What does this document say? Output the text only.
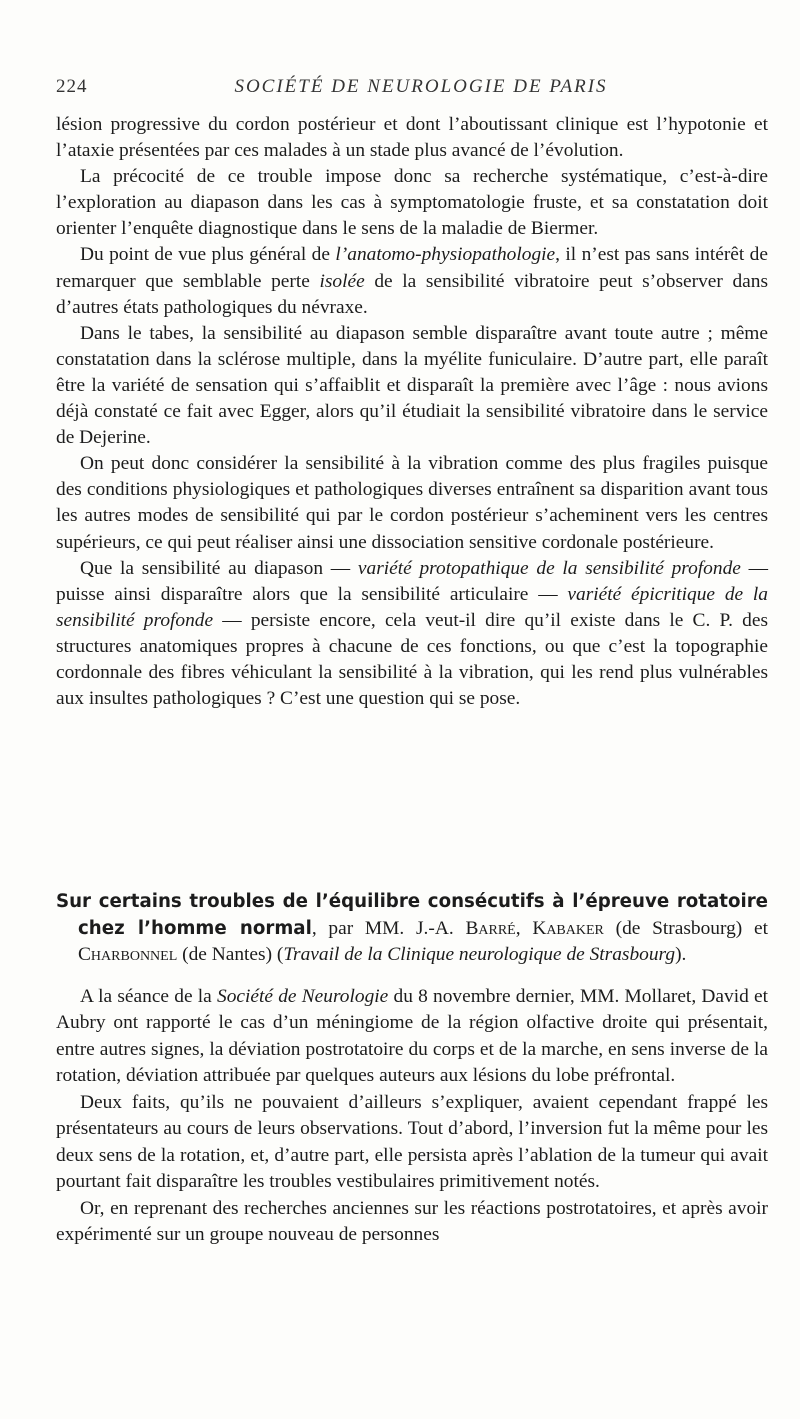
224	SOCIÉTÉ DE NEUROLOGIE DE PARIS

lésion progressive du cordon postérieur et dont l’aboutissant clinique est l’hypotonie et l’ataxie présentées par ces malades à un stade plus avancé de l’évolution.

La précocité de ce trouble impose donc sa recherche systématique, c’est-à-dire l’exploration au diapason dans les cas à symptomatologie fruste, et sa constatation doit orienter l’enquête diagnostique dans le sens de la maladie de Biermer.

Du point de vue plus général de l’anatomo-physiopathologie, il n’est pas sans intérêt de remarquer que semblable perte isolée de la sensibilité vibratoire peut s’observer dans d’autres états pathologiques du névraxe.

Dans le tabes, la sensibilité au diapason semble disparaître avant toute autre ; même constatation dans la sclérose multiple, dans la myélite funiculaire. D’autre part, elle paraît être la variété de sensation qui s’affaiblit et disparaît la première avec l’âge : nous avions déjà constaté ce fait avec Egger, alors qu’il étudiait la sensibilité vibratoire dans le service de Dejerine.

On peut donc considérer la sensibilité à la vibration comme des plus fragiles puisque des conditions physiologiques et pathologiques diverses entraînent sa disparition avant tous les autres modes de sensibilité qui par le cordon postérieur s’acheminent vers les centres supérieurs, ce qui peut réaliser ainsi une dissociation sensitive cordonale postérieure.

Que la sensibilité au diapason — variété protopathique de la sensibilité profonde — puisse ainsi disparaître alors que la sensibilité articulaire — variété épicritique de la sensibilité profonde — persiste encore, cela veut-il dire qu’il existe dans le C. P. des structures anatomiques propres à chacune de ces fonctions, ou que c’est la topographie cordonnale des fibres véhiculant la sensibilité à la vibration, qui les rend plus vulnérables aux insultes pathologiques ? C’est une question qui se pose.

Sur certains troubles de l’équilibre consécutifs à l’épreuve rotatoire chez l’homme normal, par MM. J.-A. Barré, Kabaker (de Strasbourg) et Charbonnel (de Nantes) (Travail de la Clinique neurologique de Strasbourg).

A la séance de la Société de Neurologie du 8 novembre dernier, MM. Mollaret, David et Aubry ont rapporté le cas d’un méningiome de la région olfactive droite qui présentait, entre autres signes, la déviation postrotatoire du corps et de la marche, en sens inverse de la rotation, déviation attribuée par quelques auteurs aux lésions du lobe préfrontal.

Deux faits, qu’ils ne pouvaient d’ailleurs s’expliquer, avaient cependant frappé les présentateurs au cours de leurs observations. Tout d’abord, l’inversion fut la même pour les deux sens de la rotation, et, d’autre part, elle persista après l’ablation de la tumeur qui avait pourtant fait disparaître les troubles vestibulaires primitivement notés.

Or, en reprenant des recherches anciennes sur les réactions postrotatoires, et après avoir expérimenté sur un groupe nouveau de personnes
